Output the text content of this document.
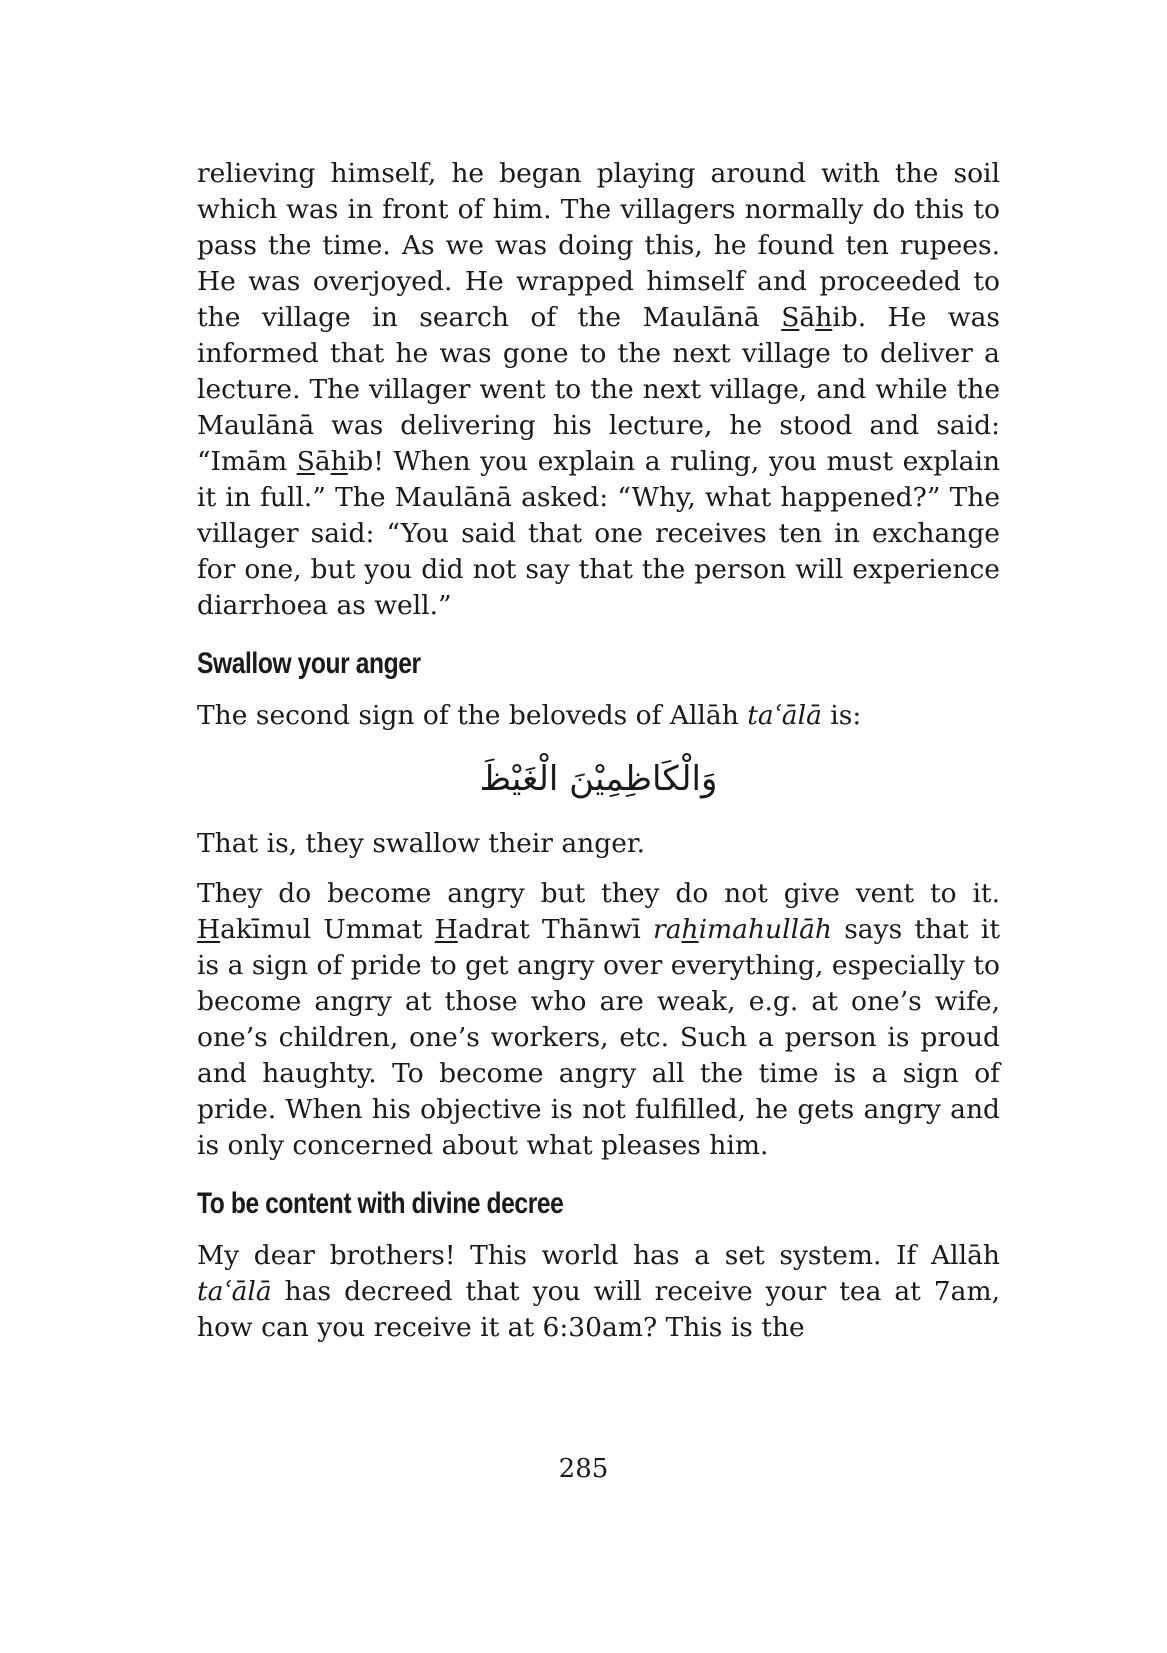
relieving himself, he began playing around with the soil which was in front of him. The villagers normally do this to pass the time. As we was doing this, he found ten rupees. He was overjoyed. He wrapped himself and proceeded to the village in search of the Maulānā Sāhib. He was informed that he was gone to the next village to deliver a lecture. The villager went to the next village, and while the Maulānā was delivering his lecture, he stood and said: “Imām Sāhib! When you explain a ruling, you must explain it in full.” The Maulānā asked: “Why, what happened?” The villager said: “You said that one receives ten in exchange for one, but you did not say that the person will experience diarrhoea as well.”

Swallow your anger

The second sign of the beloveds of Allāh taʿālā is:

وَالْكَاظِمِيْنَ الْغَيْظَ

That is, they swallow their anger.

They do become angry but they do not give vent to it. Hakīmul Ummat Hadrat Thānwī rahimahullāh says that it is a sign of pride to get angry over everything, especially to become angry at those who are weak, e.g. at one’s wife, one’s children, one’s workers, etc. Such a person is proud and haughty. To become angry all the time is a sign of pride. When his objective is not fulfilled, he gets angry and is only concerned about what pleases him.

To be content with divine decree

My dear brothers! This world has a set system. If Allāh taʿālā has decreed that you will receive your tea at 7am, how can you receive it at 6:30am? This is the

285
